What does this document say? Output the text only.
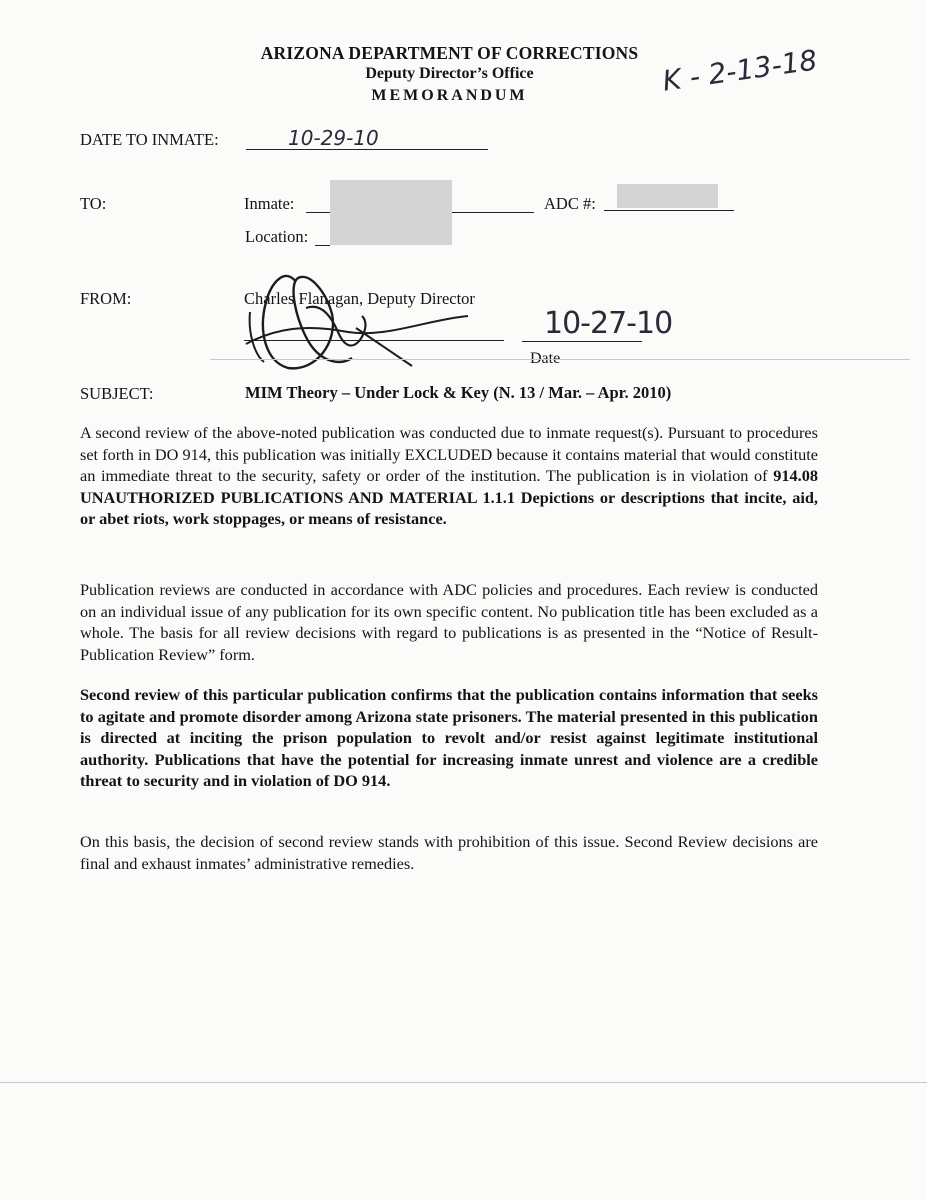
ARIZONA DEPARTMENT OF CORRECTIONS
Deputy Director’s Office
MEMORANDUM	K - 2-13-18
DATE TO INMATE:	10-29-10
TO:	Inmate:	ADC #:
Location:
FROM:	Charles Flanagan, Deputy Director
10-27-10
Date
SUBJECT:	MIM Theory – Under Lock & Key (N. 13 / Mar. – Apr. 2010)

A second review of the above-noted publication was conducted due to inmate request(s). Pursuant to procedures set forth in DO 914, this publication was initially EXCLUDED because it contains material that would constitute an immediate threat to the security, safety or order of the institution. The publication is in violation of 914.08 UNAUTHORIZED PUBLICATIONS AND MATERIAL 1.1.1 Depictions or descriptions that incite, aid, or abet riots, work stoppages, or means of resistance.

Publication reviews are conducted in accordance with ADC policies and procedures. Each review is conducted on an individual issue of any publication for its own specific content. No publication title has been excluded as a whole. The basis for all review decisions with regard to publications is as presented in the “Notice of Result-Publication Review” form.

Second review of this particular publication confirms that the publication contains information that seeks to agitate and promote disorder among Arizona state prisoners. The material presented in this publication is directed at inciting the prison population to revolt and/or resist against legitimate institutional authority. Publications that have the potential for increasing inmate unrest and violence are a credible threat to security and in violation of DO 914.

On this basis, the decision of second review stands with prohibition of this issue. Second Review decisions are final and exhaust inmates’ administrative remedies.
